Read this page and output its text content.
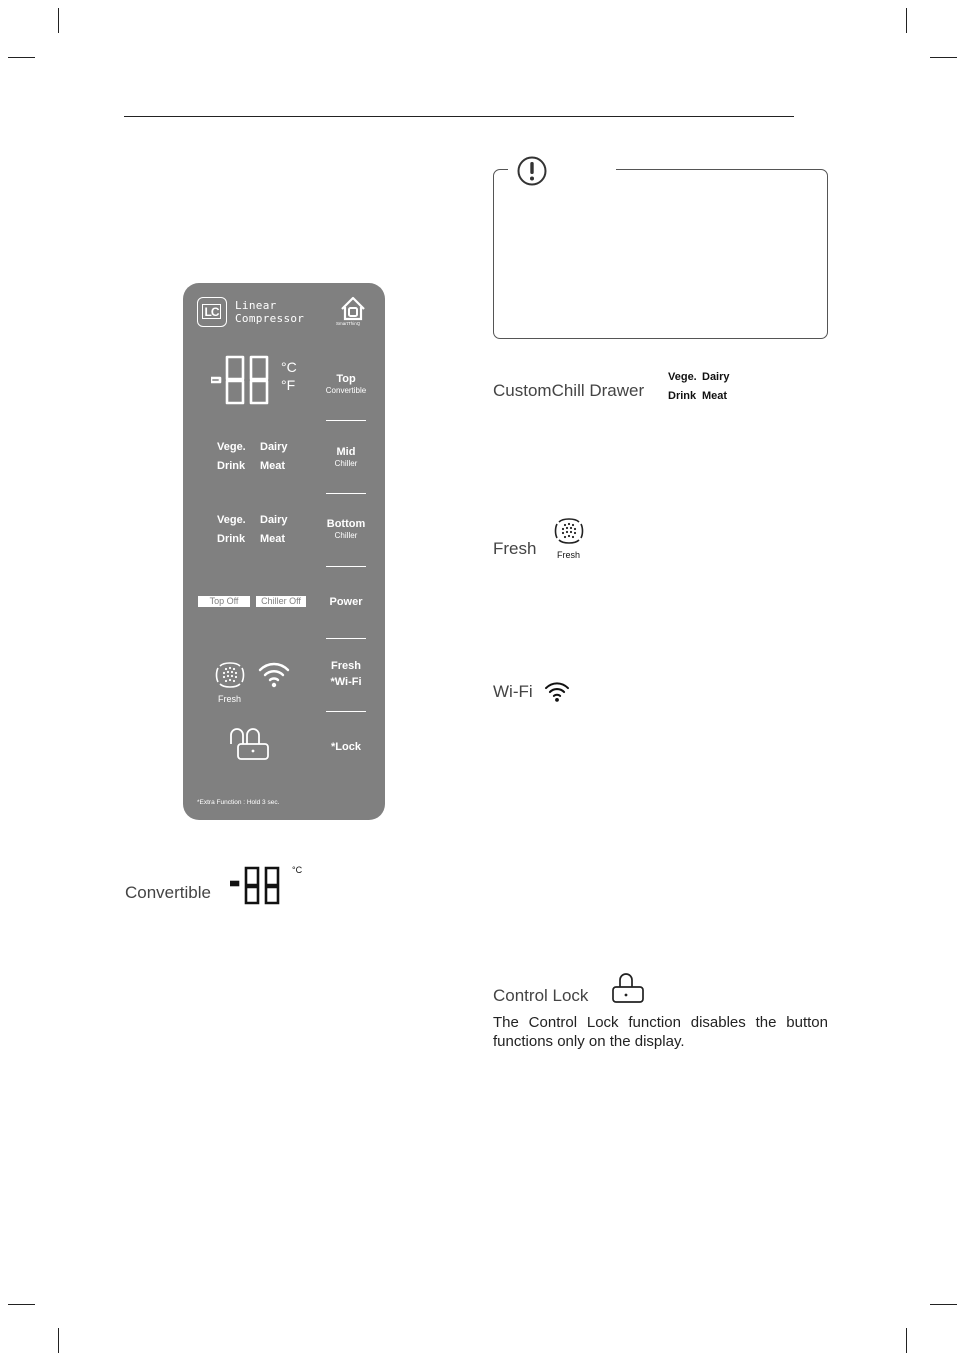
LC Linear
Compressor	SmartThinQ
°C
°F	Top
Convertible
Mid
Chiller
Bottom
Chiller
Power
Fresh
*Wi-Fi
*Lock
Vege. Dairy
Drink Meat
Vege. Dairy
Drink Meat
Top Off	Chiller Off
Fresh
*Extra Function : Hold 3 sec.
Convertible
°C
CustomChill Drawer
Vege. Dairy
Drink Meat
Fresh Fresh
Wi-Fi
Control Lock
The Control Lock function disables the button functions only on the display.
